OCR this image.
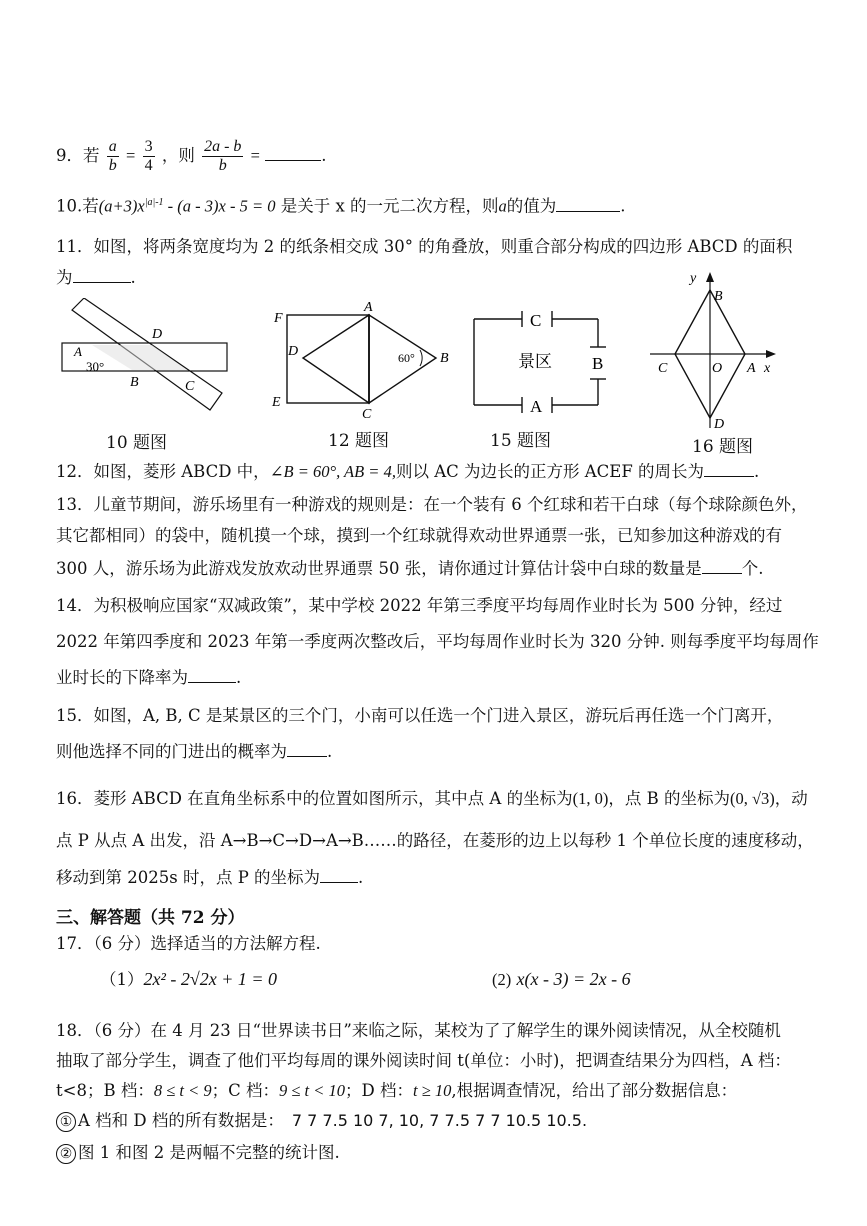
9．若 $\frac{a}{b} = \frac{3}{4}$ ，则 $\frac{2a - b}{b}$ =	.
10.若$(a+3)x^{|a|-1} - (a - 3)x - 5 = 0$ 是关于 x 的一元二次方程，则a的值为	.
11．如图，将两条宽度均为 2 的纸条相交成 30° 的角叠放，则重合部分构成的四边形 ABCD 的面积
为	.
D
A
30°
B	C
10 题图
A
B
C
D
E
F
60°
12 题图
C
A
B
景区
15 题图
y
B
C	O A x
D
16 题图
12．如图，菱形 ABCD 中，∠B = 60°, AB = 4,则以 AC 为边长的正方形 ACEF 的周长为	.
13．儿童节期间，游乐场里有一种游戏的规则是：在一个装有 6 个红球和若干白球（每个球除颜色外，
其它都相同）的袋中，随机摸一个球，摸到一个红球就得欢动世界通票一张，已知参加这种游戏的有
300 人，游乐场为此游戏发放欢动世界通票 50 张，请你通过计算估计袋中白球的数量是 个.
14．为积极响应国家“双减政策”，某中学校 2022 年第三季度平均每周作业时长为 500 分钟，经过
2022 年第四季度和 2023 年第一季度两次整改后，平均每周作业时长为 320 分钟. 则每季度平均每周作
业时长的下降率为	.
15．如图，A, B, C 是某景区的三个门，小南可以任选一个门进入景区，游玩后再任选一个门离开，
则他选择不同的门进出的概率为 .
16．菱形 ABCD 在直角坐标系中的位置如图所示，其中点 A 的坐标为(1, 0)，点 B 的坐标为(0, √3)，动
点 P 从点 A 出发，沿 A→B→C→D→A→B……的路径，在菱形的边上以每秒 1 个单位长度的速度移动，
移动到第 2025s 时，点 P 的坐标为 .
三、解答题（共 72 分）
17．（6 分）选择适当的方法解方程.
（1）2x² - 2√2x + 1 = 0	(2) x(x - 3) = 2x - 6
18．（6 分）在 4 月 23 日“世界读书日”来临之际，某校为了了解学生的课外阅读情况，从全校随机
抽取了部分学生，调查了他们平均每周的课外阅读时间 t(单位：小时)，把调查结果分为四档，A 档：
t<8；B 档：8 ≤ t < 9；C 档：9 ≤ t < 10；D 档：t ≥ 10,根据调查情况，给出了部分数据信息：
① A 档和 D 档的所有数据是： 7 7 7.5 10 7, 10, 7 7.5 7 7 10.5 10.5.
② 图 1 和图 2 是两幅不完整的统计图.
